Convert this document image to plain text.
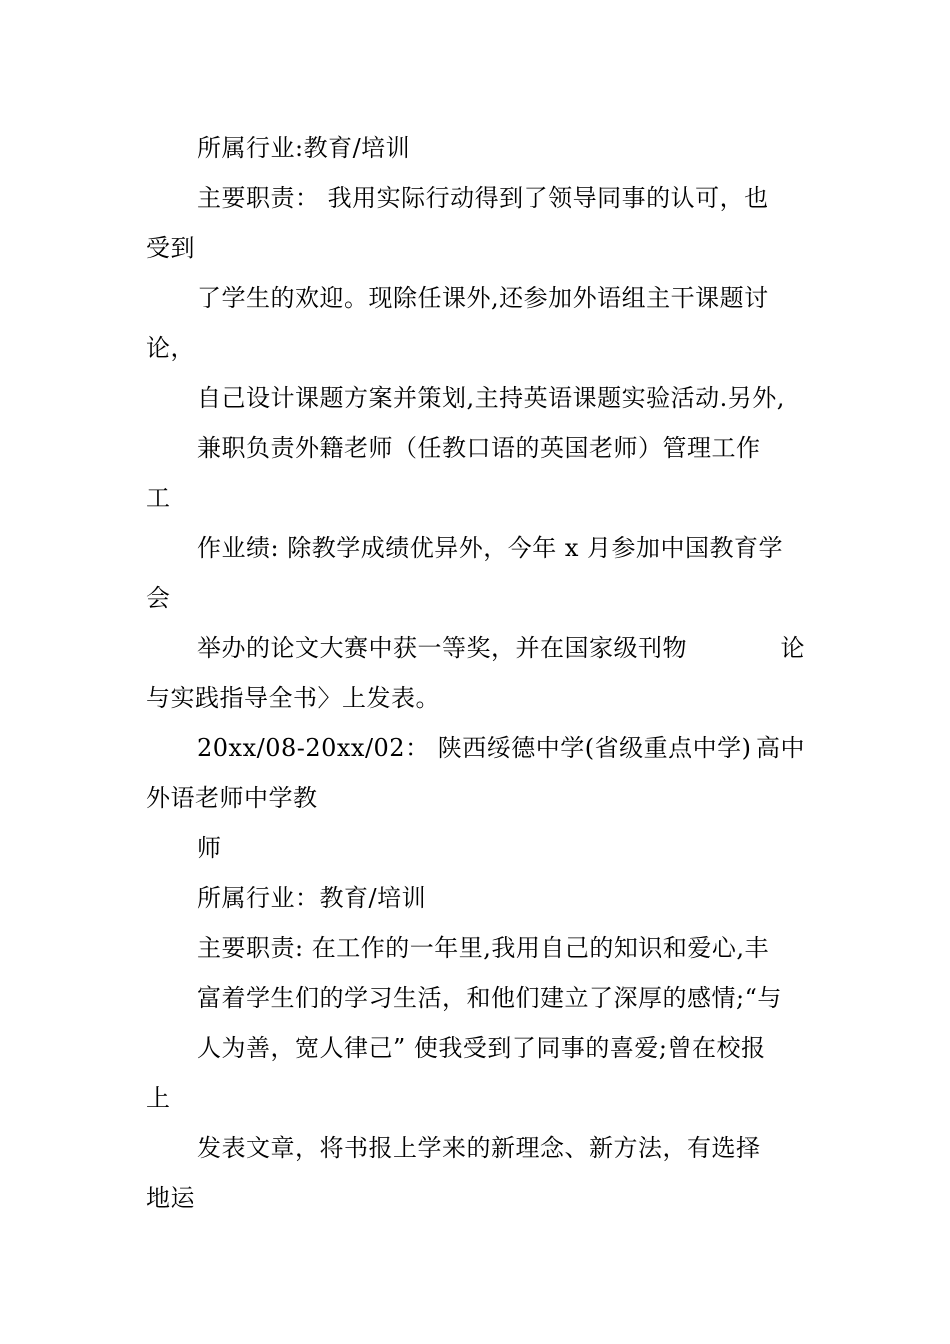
所属行业:教育/培训
主要职责： 我用实际行动得到了领导同事的认可，也
受到
了学生的欢迎。现除任课外,还参加外语组主干课题讨
论，
自己设计课题方案并策划,主持英语课题实验活动.另外,
兼职负责外籍老师（任教口语的英国老师）管理工作
工
作业绩: 除教学成绩优异外，今年 x 月参加中国教育学
会
举办的论文大赛中获一等奖，并在国家级刊物	论
与实践指导全书〉上发表。
20xx/08-20xx/02： 陕西绥德中学(省级重点中学) 高中
外语老师中学教
师
所属行业：教育/培训
主要职责: 在工作的一年里,我用自己的知识和爱心,丰
富着学生们的学习生活，和他们建立了深厚的感情;“与
人为善，宽人律己” 使我受到了同事的喜爱;曾在校报
上
发表文章，将书报上学来的新理念、新方法，有选择
地运
